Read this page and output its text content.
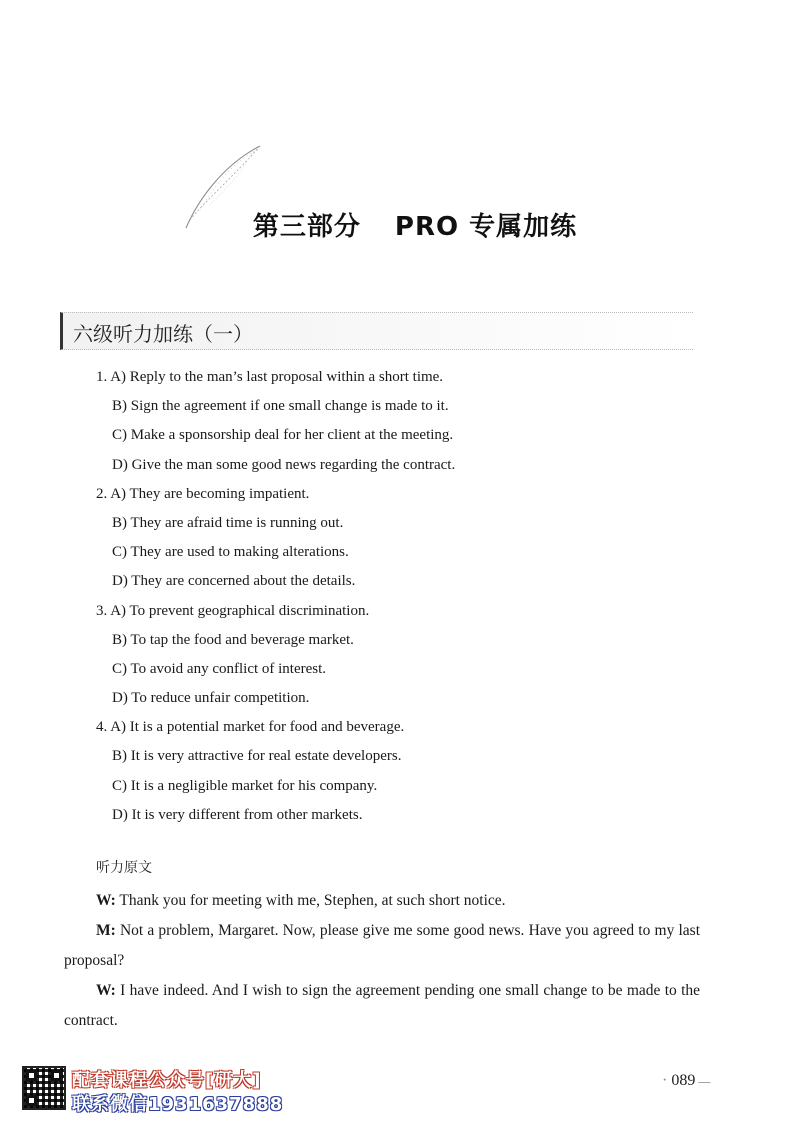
第三部分 PRO 专属加练
六级听力加练（一）
1. A) Reply to the man’s last proposal within a short time.
B) Sign the agreement if one small change is made to it.
C) Make a sponsorship deal for her client at the meeting.
D) Give the man some good news regarding the contract.
2. A) They are becoming impatient.
B) They are afraid time is running out.
C) They are used to making alterations.
D) They are concerned about the details.
3. A) To prevent geographical discrimination.
B) To tap the food and beverage market.
C) To avoid any conflict of interest.
D) To reduce unfair competition.
4. A) It is a potential market for food and beverage.
B) It is very attractive for real estate developers.
C) It is a negligible market for his company.
D) It is very different from other markets.
听力原文

W: Thank you for meeting with me, Stephen, at such short notice.

M: Not a problem, Margaret. Now, please give me some good news. Have you agreed to my last proposal?

W: I have indeed. And I wish to sign the agreement pending one small change to be made to the contract.

配套课程公众号[研大]
联系微信1931637888
· 089 —
